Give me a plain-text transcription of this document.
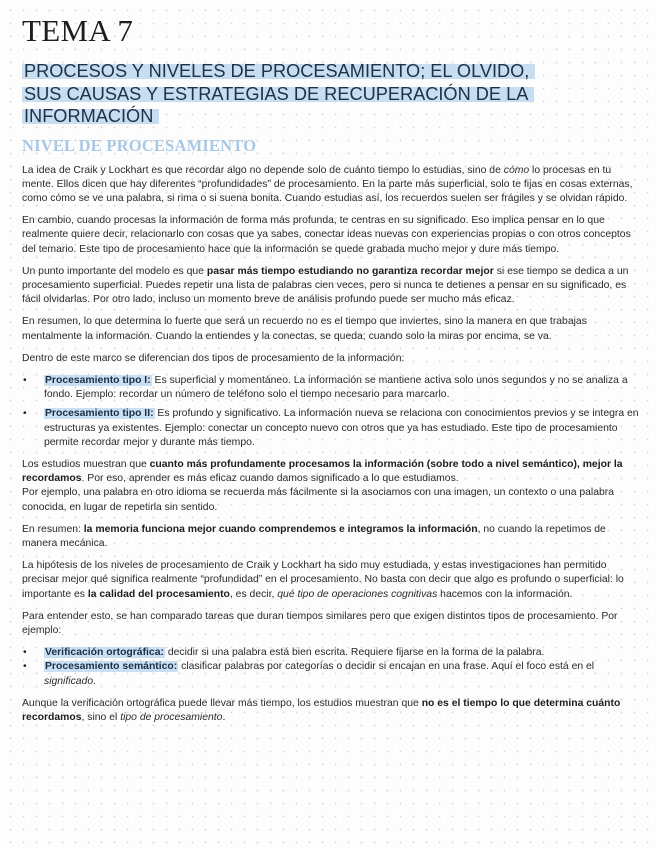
TEMA 7
PROCESOS Y NIVELES DE PROCESAMIENTO; EL OLVIDO,
SUS CAUSAS Y ESTRATEGIAS DE RECUPERACIÓN DE LA
INFORMACIÓN
NIVEL DE PROCESAMIENTO

La idea de Craik y Lockhart es que recordar algo no depende solo de cuánto tiempo lo estudias, sino de cómo lo procesas en tu mente. Ellos dicen que hay diferentes “profundidades” de procesamiento. En la parte más superficial, solo te fijas en cosas externas, como cómo se ve una palabra, si rima o si suena bonita. Cuando estudias así, los recuerdos suelen ser frágiles y se olvidan rápido.

En cambio, cuando procesas la información de forma más profunda, te centras en su significado. Eso implica pensar en lo que realmente quiere decir, relacionarlo con cosas que ya sabes, conectar ideas nuevas con experiencias propias o con otros conceptos del temario. Este tipo de procesamiento hace que la información se quede grabada mucho mejor y dure más tiempo.

Un punto importante del modelo es que pasar más tiempo estudiando no garantiza recordar mejor si ese tiempo se dedica a un procesamiento superficial. Puedes repetir una lista de palabras cien veces, pero si nunca te detienes a pensar en su significado, es fácil olvidarlas. Por otro lado, incluso un momento breve de análisis profundo puede ser mucho más eficaz.

En resumen, lo que determina lo fuerte que será un recuerdo no es el tiempo que inviertes, sino la manera en que trabajas mentalmente la información. Cuando la entiendes y la conectas, se queda; cuando solo la miras por encima, se va.

Dentro de este marco se diferencian dos tipos de procesamiento de la información:

• Procesamiento tipo I: Es superficial y momentáneo. La información se mantiene activa solo unos segundos y no se analiza a fondo. Ejemplo: recordar un número de teléfono solo el tiempo necesario para marcarlo.
• Procesamiento tipo II: Es profundo y significativo. La información nueva se relaciona con conocimientos previos y se integra en estructuras ya existentes. Ejemplo: conectar un concepto nuevo con otros que ya has estudiado. Este tipo de procesamiento permite recordar mejor y durante más tiempo.

Los estudios muestran que cuanto más profundamente procesamos la información (sobre todo a nivel semántico), mejor la recordamos. Por eso, aprender es más eficaz cuando damos significado a lo que estudiamos.
Por ejemplo, una palabra en otro idioma se recuerda más fácilmente si la asociamos con una imagen, un contexto o una palabra conocida, en lugar de repetirla sin sentido.

En resumen: la memoria funciona mejor cuando comprendemos e integramos la información, no cuando la repetimos de manera mecánica.

La hipótesis de los niveles de procesamiento de Craik y Lockhart ha sido muy estudiada, y estas investigaciones han permitido precisar mejor qué significa realmente “profundidad” en el procesamiento. No basta con decir que algo es profundo o superficial: lo importante es la calidad del procesamiento, es decir, qué tipo de operaciones cognitivas hacemos con la información.

Para entender esto, se han comparado tareas que duran tiempos similares pero que exigen distintos tipos de procesamiento. Por ejemplo:

• Verificación ortográfica: decidir si una palabra está bien escrita. Requiere fijarse en la forma de la palabra.
• Procesamiento semántico: clasificar palabras por categorías o decidir si encajan en una frase. Aquí el foco está en el significado.

Aunque la verificación ortográfica puede llevar más tiempo, los estudios muestran que no es el tiempo lo que determina cuánto recordamos, sino el tipo de procesamiento.
